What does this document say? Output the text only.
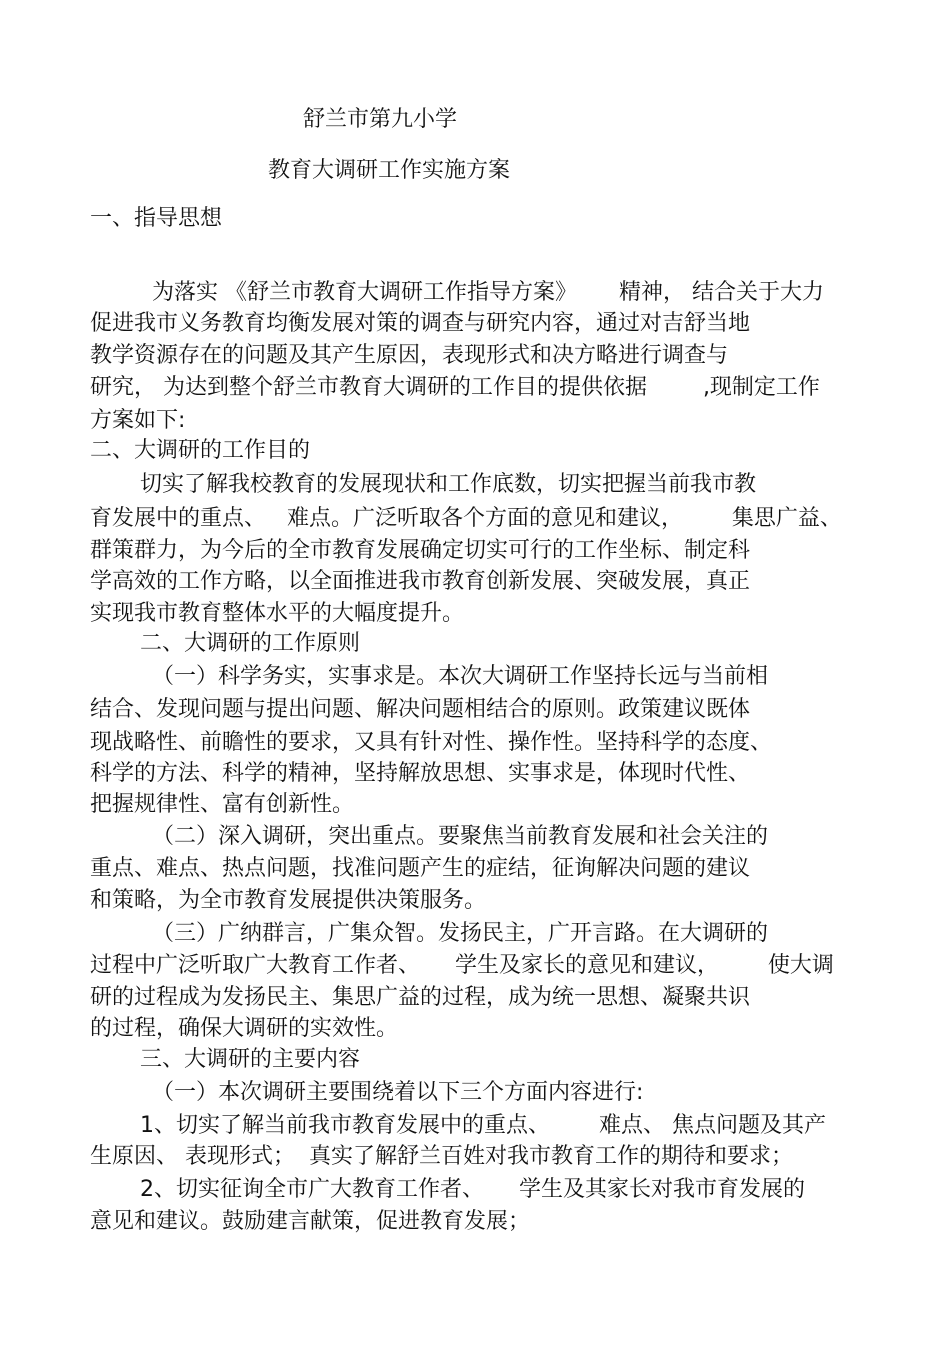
舒兰市第九小学
教育大调研工作实施方案
一、指导思想
为落实 《舒兰市教育大调研工作指导方案》      精神， 结合关于大力
促进我市义务教育均衡发展对策的调查与研究内容，通过对吉舒当地
教学资源存在的问题及其产生原因，表现形式和决方略进行调查与
研究， 为达到整个舒兰市教育大调研的工作目的提供依据        ,现制定工作
方案如下:
二、大调研的工作目的
切实了解我校教育的发展现状和工作底数，切实把握当前我市教
育发展中的重点、   难点。广泛听取各个方面的意见和建议，       集思广益、
群策群力，为今后的全市教育发展确定切实可行的工作坐标、制定科
学高效的工作方略，以全面推进我市教育创新发展、突破发展，真正
实现我市教育整体水平的大幅度提升。
二、大调研的工作原则
（一）科学务实，实事求是。本次大调研工作坚持长远与当前相
结合、发现问题与提出问题、解决问题相结合的原则。政策建议既体
现战略性、前瞻性的要求，又具有针对性、操作性。坚持科学的态度、
科学的方法、科学的精神，坚持解放思想、实事求是，体现时代性、
把握规律性、富有创新性。
（二）深入调研，突出重点。要聚焦当前教育发展和社会关注的
重点、难点、热点问题，找准问题产生的症结，征询解决问题的建议
和策略，为全市教育发展提供决策服务。
（三）广纳群言，广集众智。发扬民主，广开言路。在大调研的
过程中广泛听取广大教育工作者、     学生及家长的意见和建议，       使大调
研的过程成为发扬民主、集思广益的过程，成为统一思想、凝聚共识
的过程，确保大调研的实效性。
三、大调研的主要内容
（一）本次调研主要围绕着以下三个方面内容进行:
1、切实了解当前我市教育发展中的重点、       难点、 焦点问题及其产
生原因、 表现形式；  真实了解舒兰百姓对我市教育工作的期待和要求；
2、切实征询全市广大教育工作者、     学生及其家长对我市育发展的
意见和建议。鼓励建言献策，促进教育发展；
